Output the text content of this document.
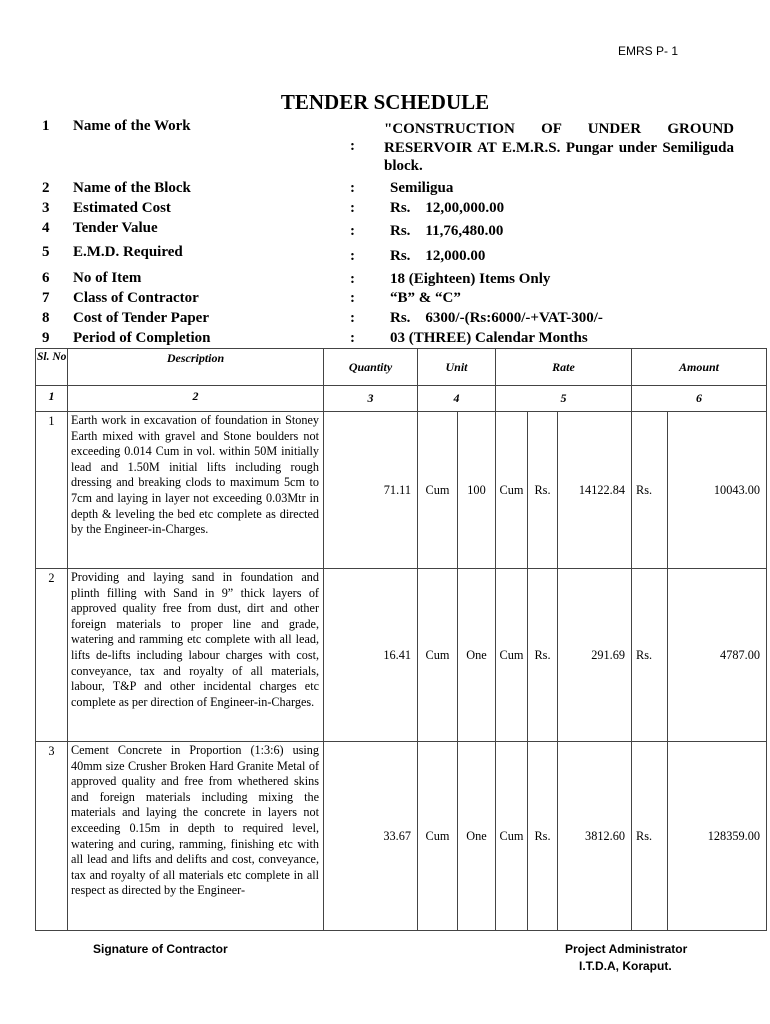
EMRS P- 1
TENDER SCHEDULE
1 Name of the Work
:
"CONSTRUCTION OF UNDER GROUND RESERVOIR AT E.M.R.S. Pungar under Semiliguda block.
2 Name of the Block	: Semiligua
3 Estimated Cost	: Rs.    12,00,000.00
4 Tender Value	: Rs.    11,76,480.00
5 E.M.D. Required	: Rs.    12,000.00
6 No of Item	: 18 (Eighteen) Items Only
7 Class of Contractor	: “B” & “C”
8 Cost of Tender Paper	: Rs.    6300/-(Rs:6000/-+VAT-300/-
9 Period of Completion	: 03 (THREE) Calendar Months
Sl. No	Description	Quantity	Unit		Rate			Amount	
1	2	3	4		5			6	
1	Earth work in excavation of foundation in Stoney Earth mixed with gravel and Stone boulders not exceeding 0.014 Cum in vol. within 50M initially lead and 1.50M initial lifts including rough dressing and breaking clods to maximum 5cm to 7cm and laying in layer not exceeding 0.03Mtr in depth & leveling the bed etc complete as directed by the Engineer-in-Charges.	71.11	Cum	100	Cum	Rs.	14122.84	Rs.	10043.00
2	Providing and laying sand in foundation and plinth filling with Sand in 9” thick layers of approved quality free from dust, dirt and other foreign materials to proper line and grade, watering and ramming etc complete with all lead, lifts de-lifts including labour charges with cost, conveyance, tax and royalty of all materials, labour, T&P and other incidental charges etc complete as per direction of Engineer-in-Charges.	16.41	Cum	One	Cum	Rs.	291.69	Rs.	4787.00
3	Cement Concrete in Proportion (1:3:6) using 40mm size Crusher Broken Hard Granite Metal of approved quality and free from whethered skins and foreign materials including mixing the materials and laying the concrete in layers not exceeding 0.15m in depth to required level, watering and curing, ramming, finishing etc with all lead and lifts and delifts and cost, conveyance, tax and royalty of all materials etc complete in all respect as directed by the Engineer-	33.67	Cum	One	Cum	Rs.	3812.60	Rs.	128359.00
Signature of Contractor	Project Administrator
I.T.D.A, Koraput.
